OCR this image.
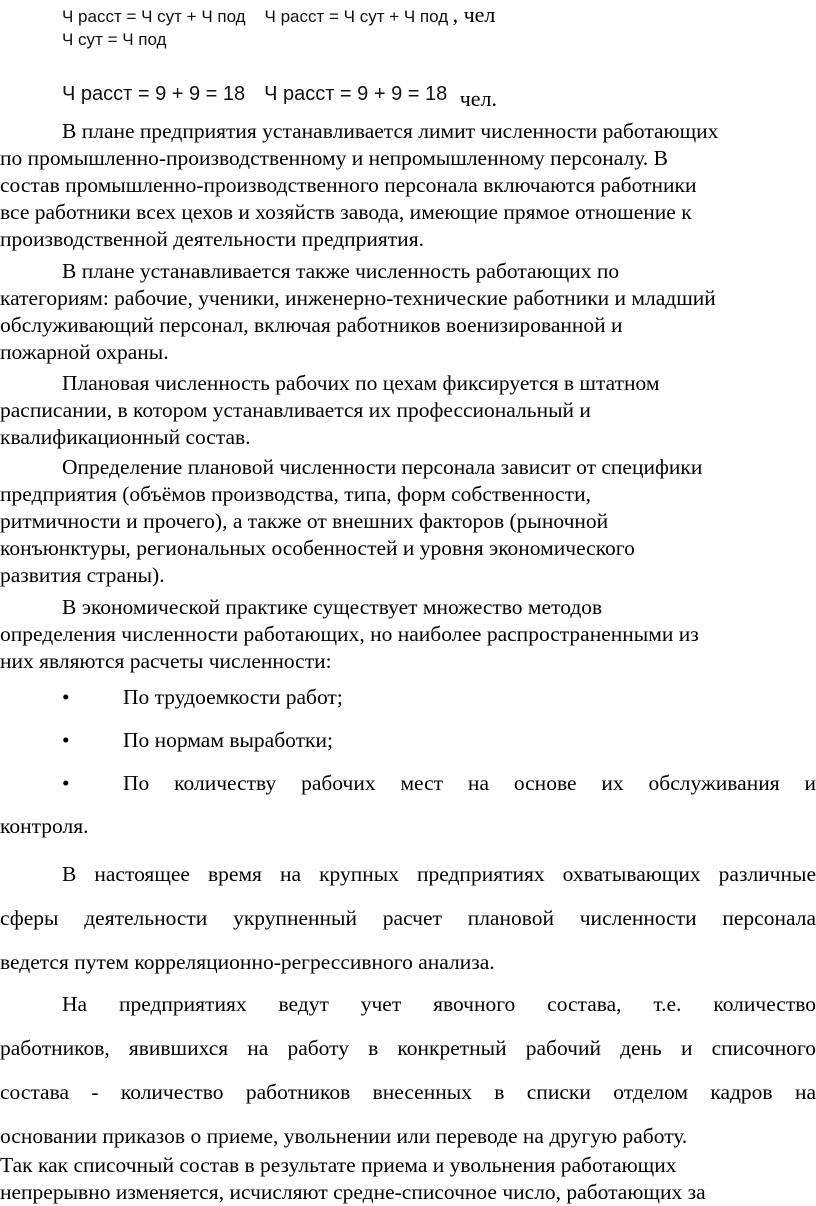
Ч расст = Ч сут + Ч под Ч расст = Ч сут + Ч под , чел
Ч сут = Ч под
Ч расст = 9 + 9 = 18 Ч расст = 9 + 9 = 18 чел.
В плане предприятия устанавливается лимит численности работающих
по промышленно-производственному и непромышленному персоналу. В
состав промышленно-производственного персонала включаются работники
все работники всех цехов и хозяйств завода, имеющие прямое отношение к
производственной деятельности предприятия.
В плане устанавливается также численность работающих по
категориям: рабочие, ученики, инженерно-технические работники и младший
обслуживающий персонал, включая работников военизированной и
пожарной охраны.
Плановая численность рабочих по цехам фиксируется в штатном
расписании, в котором устанавливается их профессиональный и
квалификационный состав.
Определение плановой численности персонала зависит от специфики
предприятия (объёмов производства, типа, форм собственности,
ритмичности и прочего), а также от внешних факторов (рыночной
конъюнктуры, региональных особенностей и уровня экономического
развития страны).
В экономической практике существует множество методов
определения численности работающих, но наиболее распространенными из
них являются расчеты численности:
• По трудоемкости работ;
• По нормам выработки;
• По количеству рабочих мест на основе их обслуживания и
контроля.
В настоящее время на крупных предприятиях охватывающих различные
сферы деятельности укрупненный расчет плановой численности персонала
ведется путем корреляционно-регрессивного анализа.
На предприятиях ведут учет явочного состава, т.е. количество
работников, явившихся на работу в конкретный рабочий день и списочного
состава - количество работников внесенных в списки отделом кадров на
основании приказов о приеме, увольнении или переводе на другую работу.
Так как списочный состав в результате приема и увольнения работающих
непрерывно изменяется, исчисляют средне-списочное число, работающих за
